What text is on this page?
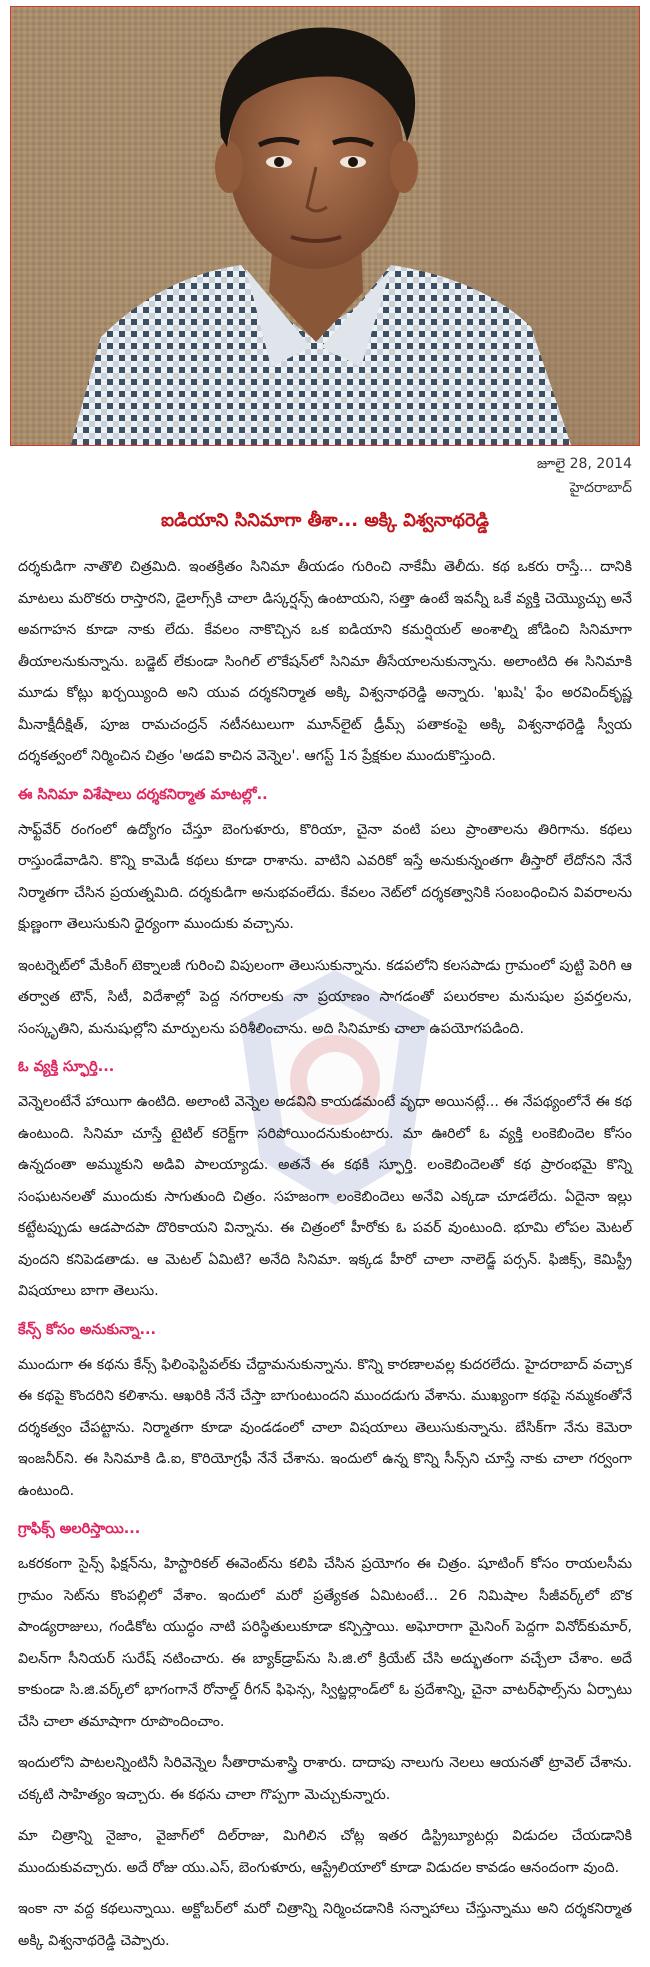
జూలై 28, 2014
హైదరాబాద్
ఐడియాని సినిమాగా తీశా... అక్కి విశ్వనాథరెడ్డి

దర్శకుడిగా నాతొలి చిత్రమిది. ఇంతక్రితం సినిమా తీయడం గురించి నాకేమీ తెలీదు. కథ ఒకరు రాస్తే... దానికి మాటలు మరొకరు రాస్తారని, డైలాగ్స్‌కి చాలా డిస్కర్షన్స్ ఉంటాయని, సత్తా ఉంటే ఇవన్నీ ఒకే వ్యక్తి చెయ్యొచ్చు అనే అవగాహన కూడా నాకు లేదు. కేవలం నాకొచ్చిన ఒక ఐడియాని కమర్షియల్ అంశాల్ని జోడించి సినిమాగా తీయాలనుకున్నాను. బడ్జెట్ లేకుండా సింగిల్ లొకేషన్‌లో సినిమా తీసేయాలనుకున్నాను. అలాంటిది ఈ సినిమాకి మూడు కోట్లు ఖర్చయ్యింది అని యువ దర్శకనిర్మాత అక్కి విశ్వనాథరెడ్డి అన్నారు. 'ఖుషి' ఫేం అరవింద్‌కృష్ణ మీనాక్షీదీక్షిత్, పూజ రామచంద్రన్ నటీనటులుగా మూన్‌లైట్ డ్రీమ్స్ పతాకంపై అక్కి విశ్వనాథరెడ్డి స్వీయ దర్శకత్వంలో నిర్మించిన చిత్రం 'అడవి కాచిన వెన్నెల'. ఆగస్ట్ 1న ప్రేక్షకుల ముందుకొస్తుంది.

ఈ సినిమా విశేషాలు దర్శకనిర్మాత మాటల్లో..

సాఫ్ట్‌వేర్ రంగంలో ఉద్యోగం చేస్తూ బెంగుళూరు, కొరియా, చైనా వంటి పలు ప్రాంతాలను తిరిగాను. కథలు రాస్తుండేవాడిని. కొన్ని కామెడీ కథలు కూడా రాశాను. వాటిని ఎవరికో ఇస్తే అనుకున్నంతగా తీస్తారో లేదోనని నేనే నిర్మాతగా చేసిన ప్రయత్నమిది. దర్శకుడిగా అనుభవంలేదు. కేవలం నెట్‌లో దర్శకత్వానికి సంబంధించిన వివరాలను క్షుణ్ణంగా తెలుసుకుని ధైర్యంగా ముందుకు వచ్చాను.

ఇంటర్నెట్‌లో మేకింగ్ టెక్నాలజీ గురించి విపులంగా తెలుసుకున్నాను. కడపలోని కలసపాడు గ్రామంలో పుట్టి పెరిగి ఆ తర్వాత టౌన్, సిటీ, విదేశాల్లో పెద్ద నగరాలకు నా ప్రయాణం సాగడంతో పలురకాల మనుషుల ప్రవర్తలను, సంస్కృతిని, మనుషుల్లోని మార్పులను పరిశీలించాను. అది సినిమాకు చాలా ఉపయోగపడింది.

ఓ వ్యక్తి స్ఫూర్తి...

వెన్నెలంటేనే హాయిగా ఉంటిది. అలాంటి వెన్నెల అడవిని కాయడమంటే వృధా అయినట్లే... ఈ నేపథ్యంలోనే ఈ కథ ఉంటుంది. సినిమా చూస్తే టైటిల్ కరెక్ట్‌గా సరిపోయిందనుకుంటారు. మా ఊరిలో ఓ వ్యక్తి లంకెబిందెల కోసం ఉన్నదంతా అమ్ముకుని అడివి పాలయ్యాడు. అతనే ఈ కథకి స్ఫూర్తి. లంకెబిందెలతో కథ ప్రారంభమై కొన్ని సంఘటనలతో ముందుకు సాగుతుంది చిత్రం. సహజంగా లంకెబిందెలు అనేవి ఎక్కడా చూడలేదు. ఏదైనా ఇల్లు కట్టేటప్పుడు ఆడపాదపా దొరికాయని విన్నాను. ఈ చిత్రంలో హీరోకు ఓ పవర్ వుంటుంది. భూమి లోపల మెటల్ వుందని కనిపెడతాడు. ఆ మెటల్ ఏమిటి? అనేది సినిమా. ఇక్కడ హీరో చాలా నాలెడ్జ్ పర్సన్. ఫిజిక్స్, కెమిస్ట్రీ విషయాలు బాగా తెలుసు.

కేన్స్ కోసం అనుకున్నా...

ముందుగా ఈ కథను కేన్స్ ఫిలింఫెస్టివల్‌కు చేద్దామనుకున్నాను. కొన్ని కారణాలవల్ల కుదరలేదు. హైదరాబాద్ వచ్చాక ఈ కథపై కొందరిని కలిశాను. ఆఖరికి నేనే చేస్తా బాగుంటుందని ముందడుగు వేశాను. ముఖ్యంగా కథపై నమ్మకంతోనే దర్శకత్వం చేపట్టాను. నిర్మాతగా కూడా వుండడంలో చాలా విషయాలు తెలుసుకున్నాను. బేసిక్‌గా నేను కెమెరా ఇంజనీర్‌ని. ఈ సినిమాకి డి.ఐ, కొరియోగ్రఫీ నేనే చేశాను. ఇందులో ఉన్న కొన్ని సీన్స్‌ని చూస్తే నాకు చాలా గర్వంగా ఉంటుంది.

గ్రాఫిక్స్ అలరిస్తాయి...

ఒకరకంగా సైన్స్ ఫిక్షన్‌ను, హిస్టారికల్ ఈవెంట్‌ను కలిపి చేసిన ప్రయోగం ఈ చిత్రం. షూటింగ్ కోసం రాయలసీమ గ్రామం సెట్‌ను కొంపల్లిలో వేశాం. ఇందులో మరో ప్రత్యేకత ఏమిటంటే... 26 నిమిషాల సీజీవర్క్‌లో బొక పాండ్యరాజులు, గండికోట యుద్ధం నాటి పరిస్థితులుకూడా కన్పిస్తాయి. అఘోరాగా మైనింగ్ పెద్దగా వినోద్‌కుమార్, విలన్‌గా సీనియర్ సురేష్ నటించారు. ఈ బ్యాక్‌డ్రాప్‌ను సి.జి.లో క్రియేట్ చేసి అద్భుతంగా వచ్చేలా చేశాం. అదే కాకుండా సి.జి.వర్క్‌లో భాగంగానే రోనాల్డ్ రీగన్ ఫిఫెన్స, స్విట్జర్లాండ్‌లో ఓ ప్రదేశాన్ని, చైనా వాటర్‌ఫాల్స్‌ను ఏర్పాటు చేసి చాలా తమాషాగా రూపొందించాం.

ఇందులోని పాటలన్నింటినీ సిరివెన్నెల సీతారామశాస్త్రి రాశారు. దాదాపు నాలుగు నెలలు ఆయనతో ట్రావెల్ చేశాను. చక్కటి సాహిత్యం ఇచ్చారు. ఈ కథను చాలా గొప్పగా మెచ్చుకున్నారు.

మా చిత్రాన్ని నైజాం, వైజాగ్‌లో దిల్‌రాజు, మిగిలిన చోట్ల ఇతర డిస్ట్రిబ్యూటర్లు విడుదల చేయడానికి ముందుకువచ్చారు. అదే రోజు యు.ఎస్, బెంగుళూరు, ఆస్ట్రేలియాలో కూడా విడుదల కావడం ఆనందంగా వుంది.

ఇంకా నా వద్ద కథలున్నాయి. అక్టోబర్‌లో మరో చిత్రాన్ని నిర్మించడానికి సన్నాహాలు చేస్తున్నాము అని దర్శకనిర్మాత అక్కి విశ్వనాథరెడ్డి చెప్పారు.
